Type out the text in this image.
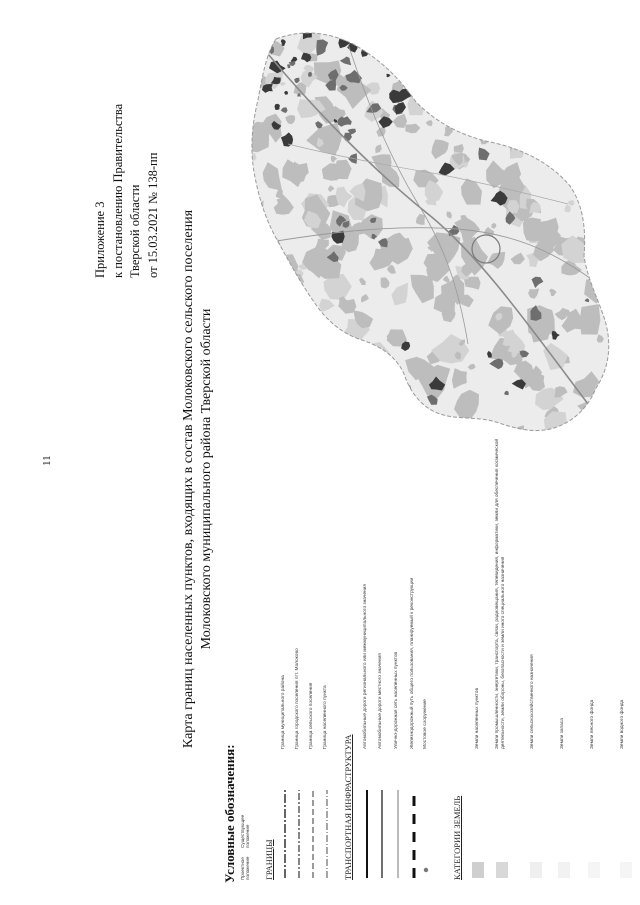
11
Приложение 3 к постановлению Правительства Тверской области от 15.03.2021 № 138-пп Карта границ населенных пунктов, входящих в состав Молоковского сельского поселения Молоковского муниципального района Тверской области
Условные обозначения: Проектное положение
Существующее положение
ГРАНИЦЫ
Граница муниципального района Граница городского поселения пгт. Молоково Граница сельского поселения Граница населенного пункта
ТРАНСПОРТНАЯ ИНФРАСТРУКТУРА
Автомобильные дороги регионального или межмуниципального значения Автомобильные дороги местного значения Улично-дорожная сеть населенных пунктов Железнодорожный путь общего пользования, планируемый к реконструкции Мостовое сооружение
КАТЕГОРИИ ЗЕМЕЛЬ
Земли населенных пунктов	Земли промышленности, энергетики, транспорта, связи, радиовещания, телевидения, информатики, земли для обеспечения космической деятельности, земли обороны, безопасности и земли иного специального назначения	Земли сельскохозяйственного назначения	Земли запаса	Земли лесного фонда	Земли водного фонда
